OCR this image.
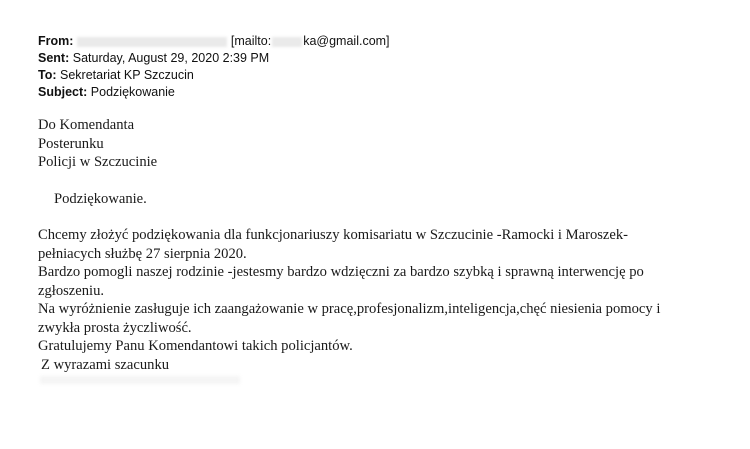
From:	[mailto:	ka@gmail.com]
Sent: Saturday, August 29, 2020 2:39 PM
To: Sekretariat KP Szczucin
Subject: Podziękowanie
Do Komendanta
Posterunku
Policji w Szczucinie
Podziękowanie.
Chcemy złożyć podziękowania dla funkcjonariuszy komisariatu w Szczucinie -Ramocki i Maroszek-
pełniacych służbę 27 sierpnia 2020.
Bardzo pomogli naszej rodzinie -jestesmy bardzo wdzięczni za bardzo szybką i sprawną interwencję po
zgłoszeniu.
Na wyróżnienie zasługuje ich zaangażowanie w pracę,profesjonalizm,inteligencja,chęć niesienia pomocy i
zwykła prosta życzliwość.
Gratulujemy Panu Komendantowi takich policjantów.
Z wyrazami szacunku
